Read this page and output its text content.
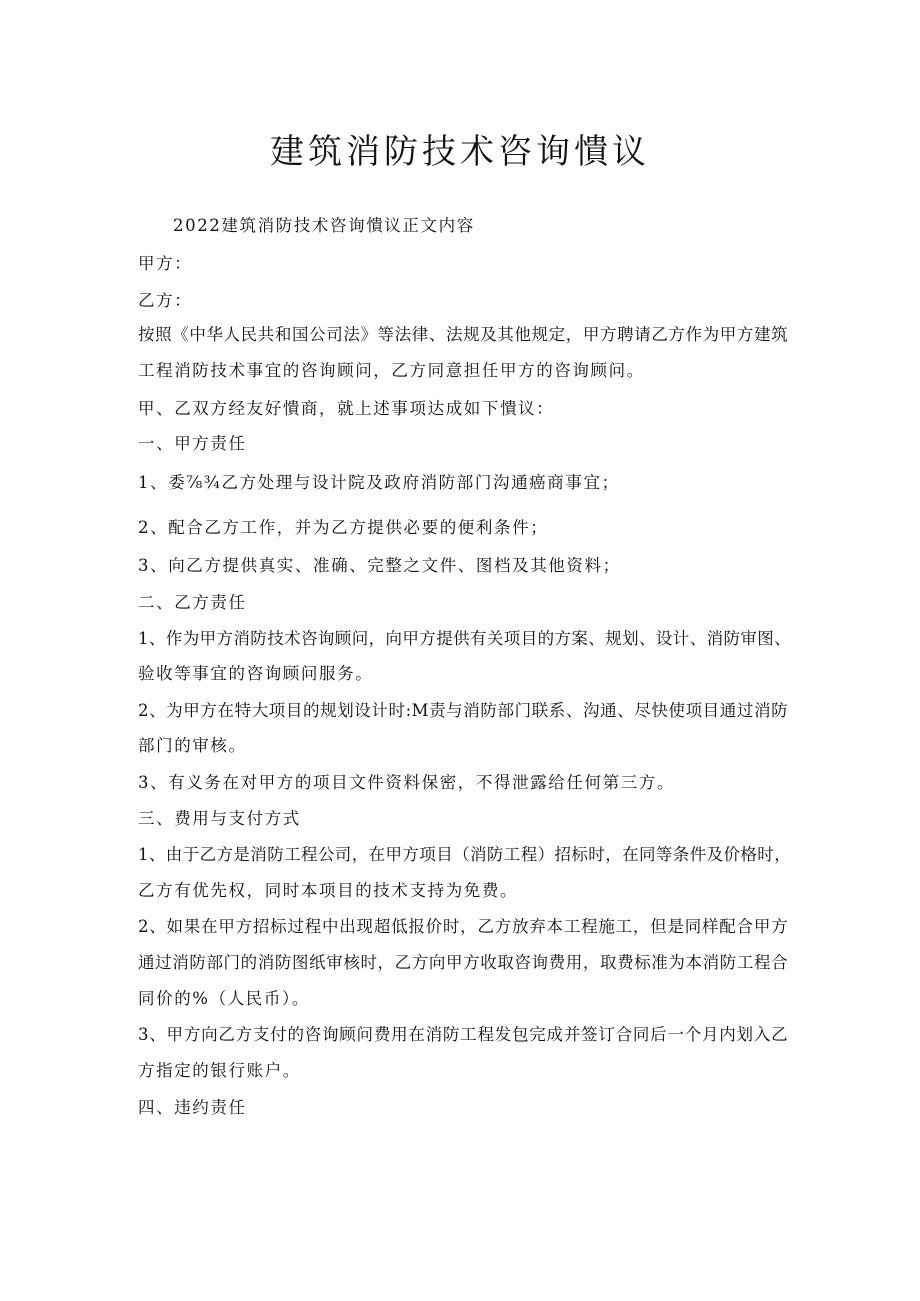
建筑消防技术咨询憒议
2022建筑消防技术咨询憒议正文内容
甲方：
乙方：
按照《中华人民共和国公司法》等法律、法规及其他规定，甲方聘请乙方作为甲方建筑
工程消防技术事宜的咨询顾问，乙方同意担任甲方的咨询顾问。
甲、乙双方经友好憒商，就上述事项达成如下憒议：
一、甲方责任
1、委⅞¾乙方处理与设计院及政府消防部门沟通癌商事宜；
2、配合乙方工作，并为乙方提供必要的便利条件；
3、向乙方提供真实、准确、完整之文件、图档及其他资料；
二、乙方责任
1、作为甲方消防技术咨询顾问，向甲方提供有关项目的方案、规划、设计、消防审图、
验收等事宜的咨询顾问服务。
2、为甲方在特大项目的规划设计时:M责与消防部门联系、沟通、尽快使项目通过消防
部门的审核。
3、有义务在对甲方的项目文件资料保密，不得泄露给任何第三方。
三、费用与支付方式
1、由于乙方是消防工程公司，在甲方项目（消防工程）招标时，在同等条件及价格时，
乙方有优先权，同时本项目的技术支持为免费。
2、如果在甲方招标过程中出现超低报价时，乙方放弃本工程施工，但是同样配合甲方
通过消防部门的消防图纸审核时，乙方向甲方收取咨询费用，取费标准为本消防工程合
同价的%（人民币）。
3、甲方向乙方支付的咨询顾问费用在消防工程发包完成并签订合同后一个月内划入乙
方指定的银行账户。
四、违约责任
